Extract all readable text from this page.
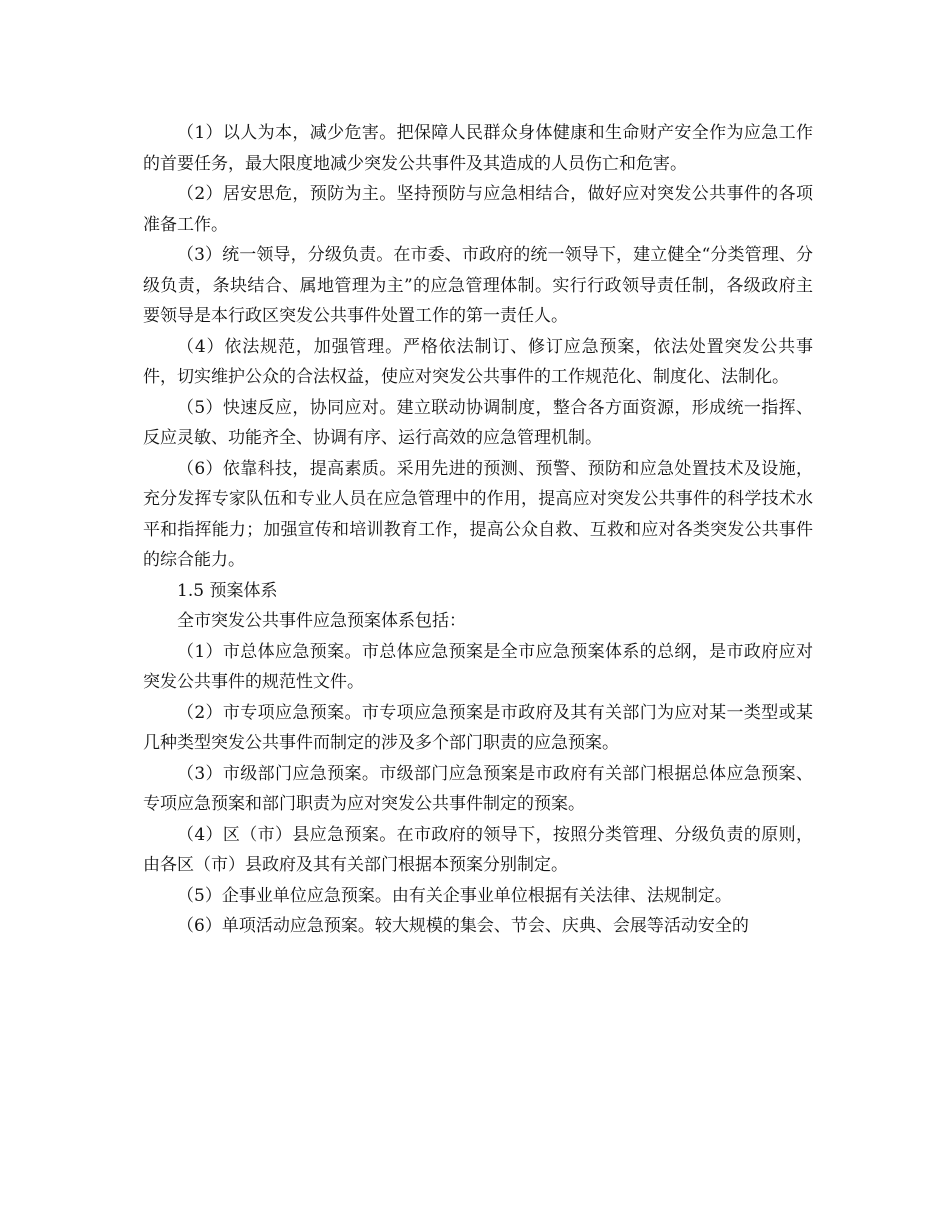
（1）以人为本，减少危害。把保障人民群众身体健康和生命财产安全作为应急工作的首要任务，最大限度地减少突发公共事件及其造成的人员伤亡和危害。

（2）居安思危，预防为主。坚持预防与应急相结合，做好应对突发公共事件的各项准备工作。

（3）统一领导，分级负责。在市委、市政府的统一领导下，建立健全“分类管理、分级负责，条块结合、属地管理为主”的应急管理体制。实行行政领导责任制，各级政府主要领导是本行政区突发公共事件处置工作的第一责任人。

（4）依法规范，加强管理。严格依法制订、修订应急预案，依法处置突发公共事件，切实维护公众的合法权益，使应对突发公共事件的工作规范化、制度化、法制化。

（5）快速反应，协同应对。建立联动协调制度，整合各方面资源，形成统一指挥、反应灵敏、功能齐全、协调有序、运行高效的应急管理机制。

（6）依靠科技，提高素质。采用先进的预测、预警、预防和应急处置技术及设施，充分发挥专家队伍和专业人员在应急管理中的作用，提高应对突发公共事件的科学技术水平和指挥能力；加强宣传和培训教育工作，提高公众自救、互救和应对各类突发公共事件的综合能力。

1.5 预案体系

全市突发公共事件应急预案体系包括：

（1）市总体应急预案。市总体应急预案是全市应急预案体系的总纲，是市政府应对突发公共事件的规范性文件。

（2）市专项应急预案。市专项应急预案是市政府及其有关部门为应对某一类型或某几种类型突发公共事件而制定的涉及多个部门职责的应急预案。

（3）市级部门应急预案。市级部门应急预案是市政府有关部门根据总体应急预案、专项应急预案和部门职责为应对突发公共事件制定的预案。

（4）区（市）县应急预案。在市政府的领导下，按照分类管理、分级负责的原则，由各区（市）县政府及其有关部门根据本预案分别制定。

（5）企事业单位应急预案。由有关企事业单位根据有关法律、法规制定。

（6）单项活动应急预案。较大规模的集会、节会、庆典、会展等活动安全的
